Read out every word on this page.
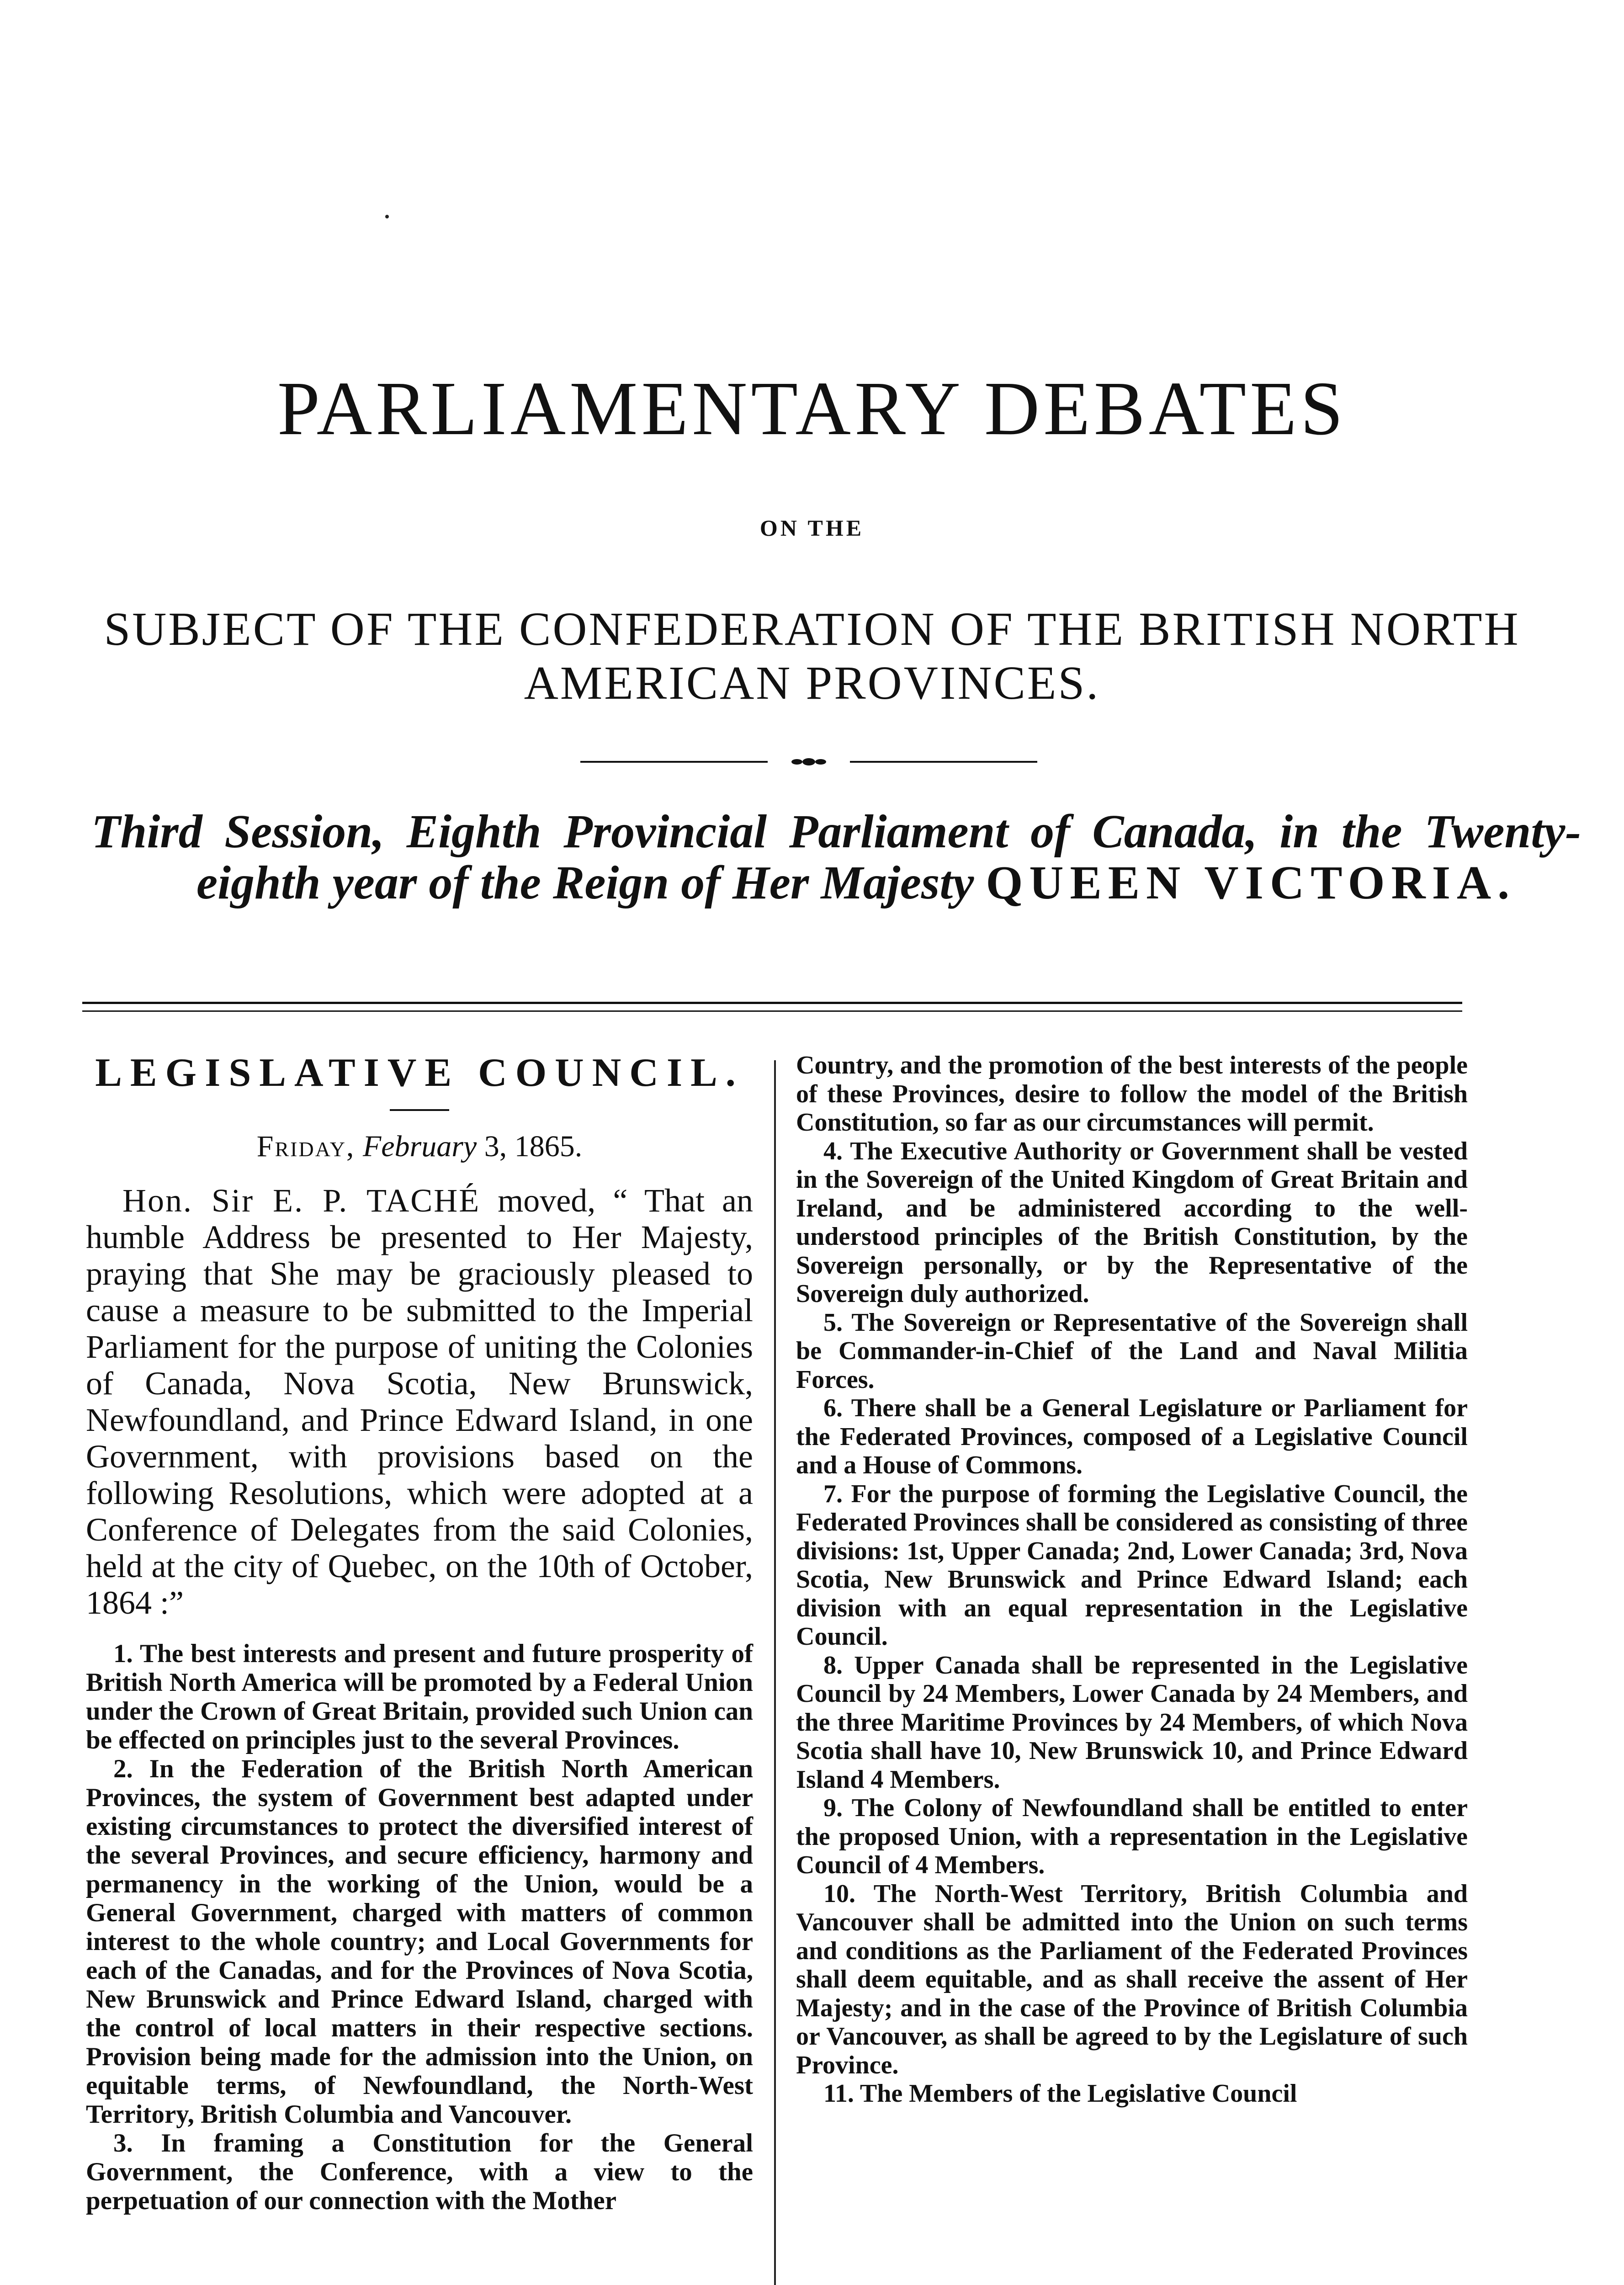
PARLIAMENTARY DEBATES
ON THE
SUBJECT OF THE CONFEDERATION OF THE BRITISH NORTH AMERICAN PROVINCES.
Third Session, Eighth Provincial Parliament of Canada, in the Twenty-eighth year of the Reign of Her Majesty QUEEN VICTORIA.
LEGISLATIVE COUNCIL.
Friday, February 3, 1865.

Hon. Sir E. P. TACHÉ moved, “ That an humble Address be presented to Her Majesty, praying that She may be graciously pleased to cause a measure to be submitted to the Imperial Parliament for the purpose of uniting the Colonies of Canada, Nova Scotia, New Brunswick, Newfoundland, and Prince Edward Island, in one Government, with provisions based on the following Resolutions, which were adopted at a Conference of Delegates from the said Colonies, held at the city of Quebec, on the 10th of October, 1864 :”

1. The best interests and present and future prosperity of British North America will be promoted by a Federal Union under the Crown of Great Britain, provided such Union can be effected on principles just to the several Provinces.

2. In the Federation of the British North American Provinces, the system of Government best adapted under existing circumstances to protect the diversified interest of the several Provinces, and secure efficiency, harmony and permanency in the working of the Union, would be a General Government, charged with matters of common interest to the whole country; and Local Governments for each of the Canadas, and for the Provinces of Nova Scotia, New Brunswick and Prince Edward Island, charged with the control of local matters in their respective sections. Provision being made for the admission into the Union, on equitable terms, of Newfoundland, the North-West Territory, British Columbia and Vancouver.

3. In framing a Constitution for the General Government, the Conference, with a view to the perpetuation of our connection with the Mother

Country, and the promotion of the best interests of the people of these Provinces, desire to follow the model of the British Constitution, so far as our circumstances will permit.

4. The Executive Authority or Government shall be vested in the Sovereign of the United Kingdom of Great Britain and Ireland, and be administered according to the well-understood principles of the British Constitution, by the Sovereign personally, or by the Representative of the Sovereign duly authorized.

5. The Sovereign or Representative of the Sovereign shall be Commander-in-Chief of the Land and Naval Militia Forces.

6. There shall be a General Legislature or Parliament for the Federated Provinces, composed of a Legislative Council and a House of Commons.

7. For the purpose of forming the Legislative Council, the Federated Provinces shall be considered as consisting of three divisions: 1st, Upper Canada; 2nd, Lower Canada; 3rd, Nova Scotia, New Brunswick and Prince Edward Island; each division with an equal representation in the Legislative Council.

8. Upper Canada shall be represented in the Legislative Council by 24 Members, Lower Canada by 24 Members, and the three Maritime Provinces by 24 Members, of which Nova Scotia shall have 10, New Brunswick 10, and Prince Edward Island 4 Members.

9. The Colony of Newfoundland shall be entitled to enter the proposed Union, with a representation in the Legislative Council of 4 Members.

10. The North-West Territory, British Columbia and Vancouver shall be admitted into the Union on such terms and conditions as the Parliament of the Federated Provinces shall deem equitable, and as shall receive the assent of Her Majesty; and in the case of the Province of British Columbia or Vancouver, as shall be agreed to by the Legislature of such Province.

11. The Members of the Legislative Council
